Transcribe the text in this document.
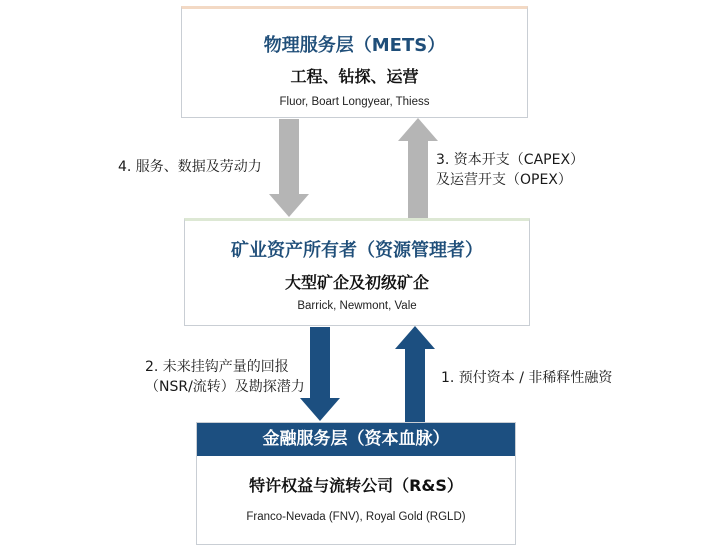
物理服务层（METS）
工程、钻探、运营
Fluor, Boart Longyear, Thiess
矿业资产所有者（资源管理者）
大型矿企及初级矿企
Barrick, Newmont, Vale
金融服务层（资本血脉）
特许权益与流转公司（R&S）
Franco-Nevada (FNV), Royal Gold (RGLD)
4. 服务、数据及劳动力	3. 资本开支（CAPEX）
及运营开支（OPEX）
2. 未来挂钩产量的回报
（NSR/流转）及勘探潜力
1. 预付资本 / 非稀释性融资
